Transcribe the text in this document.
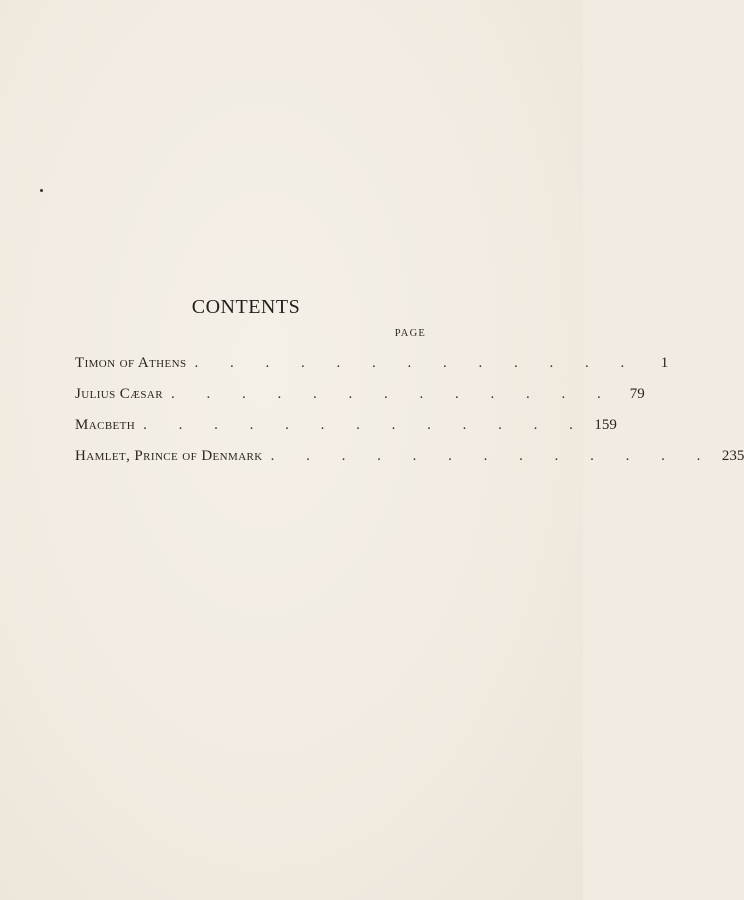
CONTENTS
PAGE
Timon of Athens . . . . . . . . . . . . .	1
Julius Cæsar . . . . . . . . . . . . .	79
Macbeth . . . . . . . . . . . . . 159
Hamlet, Prince of Denmark . . . . . . . . . . . . . 235
